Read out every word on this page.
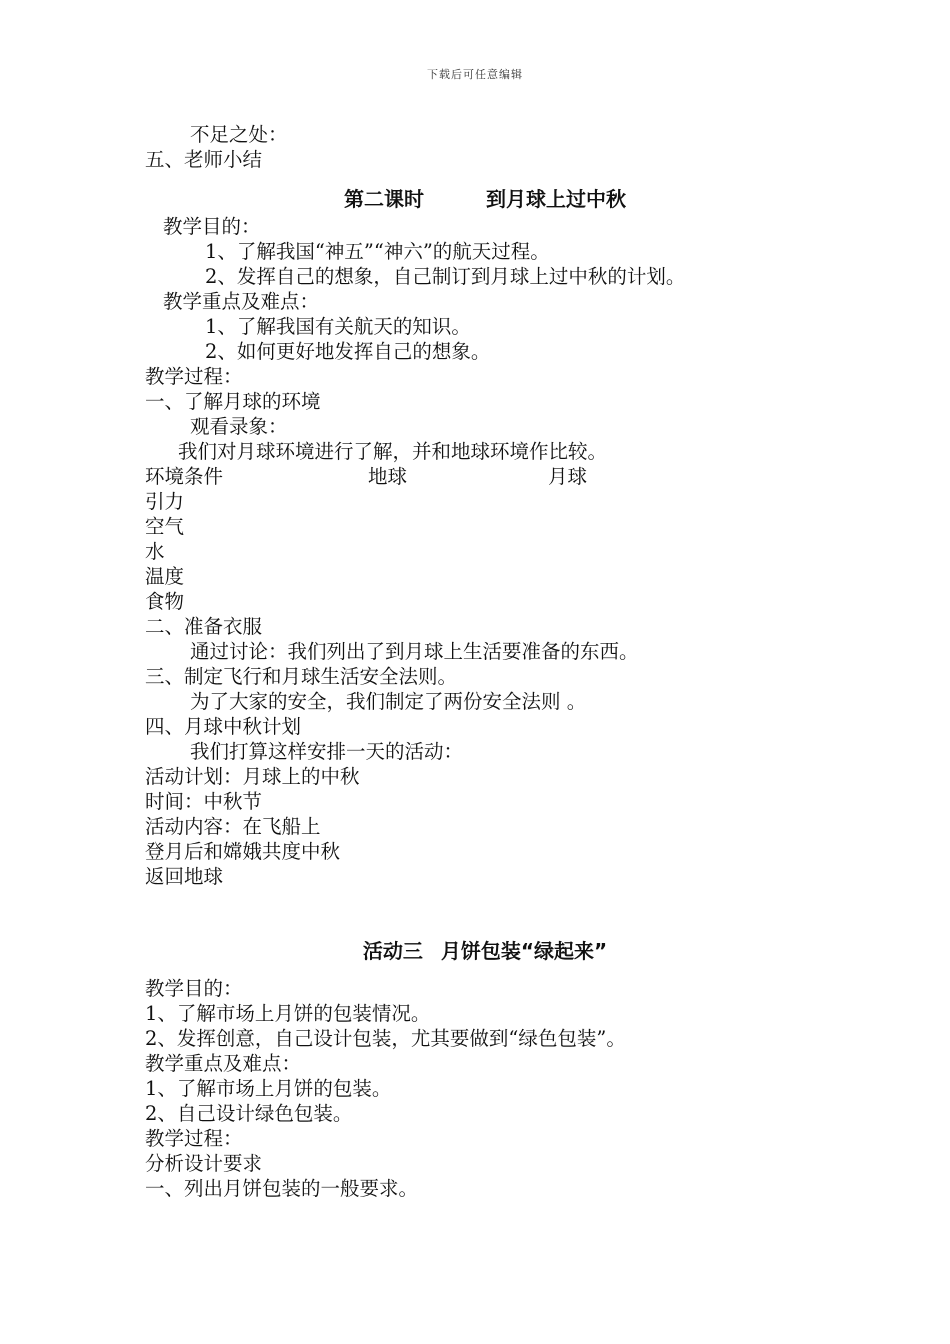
下载后可任意编辑
不足之处：
五、老师小结
第二课时	到月球上过中秋
教学目的：
1、了解我国“神五”“神六”的航天过程。
2、发挥自己的想象，自己制订到月球上过中秋的计划。
教学重点及难点：
1、了解我国有关航天的知识。
2、如何更好地发挥自己的想象。
教学过程：
一、了解月球的环境
观看录象：
我们对月球环境进行了解，并和地球环境作比较。
环境条件	地球	月球
引力
空气
水
温度
食物
二、准备衣服
通过讨论：我们列出了到月球上生活要准备的东西。
三、制定飞行和月球生活安全法则。
为了大家的安全，我们制定了两份安全法则 。
四、月球中秋计划
我们打算这样安排一天的活动：
活动计划：月球上的中秋
时间：中秋节
活动内容：在飞船上
登月后和嫦娥共度中秋
返回地球
活动三 月饼包装“绿起来”
教学目的：
1、了解市场上月饼的包装情况。
2、发挥创意，自己设计包装，尤其要做到“绿色包装”。
教学重点及难点：
1、了解市场上月饼的包装。
2、自己设计绿色包装。
教学过程：
分析设计要求
一、列出月饼包装的一般要求。
